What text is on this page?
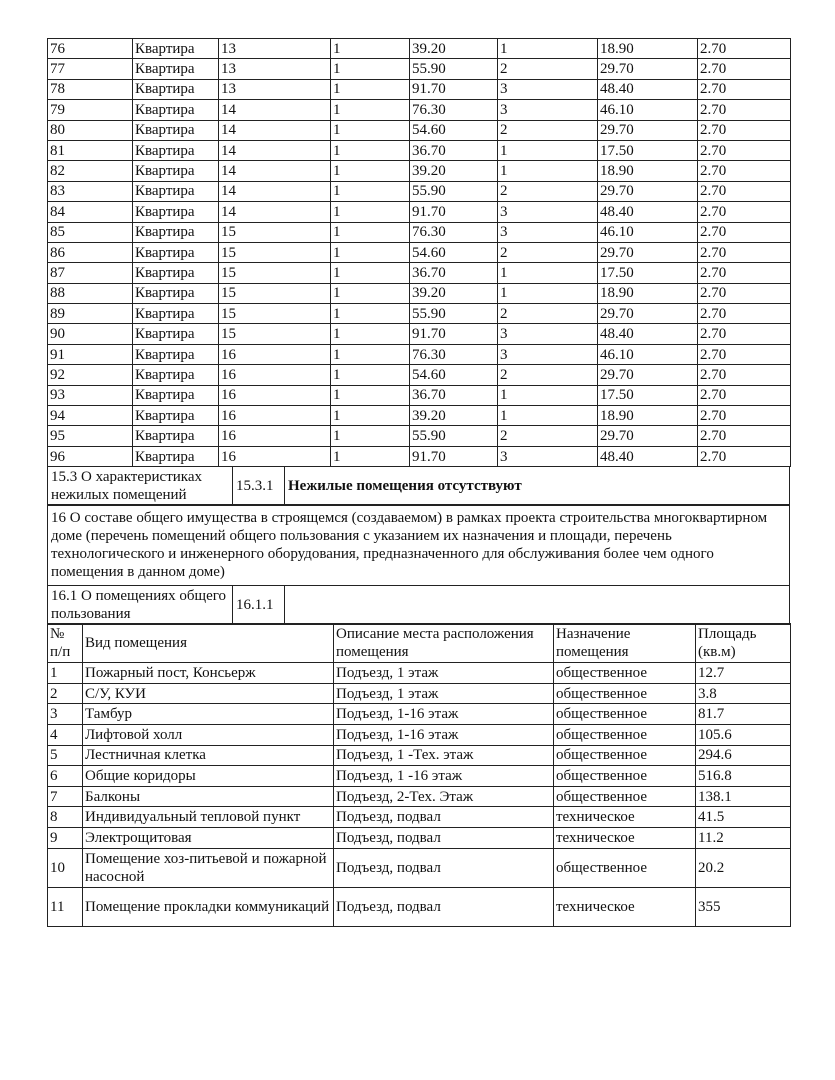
76	Квартира	13	1	39.20	1	18.90	2.70
77	Квартира	13	1	55.90	2	29.70	2.70
78	Квартира	13	1	91.70	3	48.40	2.70
79	Квартира	14	1	76.30	3	46.10	2.70
80	Квартира	14	1	54.60	2	29.70	2.70
81	Квартира	14	1	36.70	1	17.50	2.70
82	Квартира	14	1	39.20	1	18.90	2.70
83	Квартира	14	1	55.90	2	29.70	2.70
84	Квартира	14	1	91.70	3	48.40	2.70
85	Квартира	15	1	76.30	3	46.10	2.70
86	Квартира	15	1	54.60	2	29.70	2.70
87	Квартира	15	1	36.70	1	17.50	2.70
88	Квартира	15	1	39.20	1	18.90	2.70
89	Квартира	15	1	55.90	2	29.70	2.70
90	Квартира	15	1	91.70	3	48.40	2.70
91	Квартира	16	1	76.30	3	46.10	2.70
92	Квартира	16	1	54.60	2	29.70	2.70
93	Квартира	16	1	36.70	1	17.50	2.70
94	Квартира	16	1	39.20	1	18.90	2.70
95	Квартира	16	1	55.90	2	29.70	2.70
96	Квартира	16	1	91.70	3	48.40	2.70
15.3 О характеристиках нежилых помещений	15.3.1	Нежилые помещения отсутствуют
16 О составе общего имущества в строящемся (создаваемом) в рамках проекта строительства многоквартирном доме (перечень помещений общего пользования с указанием их назначения и площади, перечень технологического и инженерного оборудования, предназначенного для обслуживания более чем одного помещения в данном доме)
16.1 О помещениях общего пользования	16.1.1	
№ п/п	Вид помещения	Описание места расположения помещения	Назначение помещения	Площадь (кв.м)
1	Пожарный пост, Консьерж	Подъезд, 1 этаж	общественное	12.7
2	С/У, КУИ	Подъезд, 1 этаж	общественное	3.8
3	Тамбур	Подъезд, 1-16 этаж	общественное	81.7
4	Лифтовой холл	Подъезд, 1-16 этаж	общественное	105.6
5	Лестничная клетка	Подъезд, 1 -Тех. этаж	общественное	294.6
6	Общие коридоры	Подъезд, 1 -16 этаж	общественное	516.8
7	Балконы	Подъезд, 2-Тех. Этаж	общественное	138.1
8	Индивидуальный тепловой пункт	Подъезд, подвал	техническое	41.5
9	Электрощитовая	Подъезд, подвал	техническое	11.2
10	Помещение хоз-питьевой и пожарной насосной	Подъезд, подвал	общественное	20.2
11	Помещение прокладки коммуникаций	Подъезд, подвал	техническое	355
